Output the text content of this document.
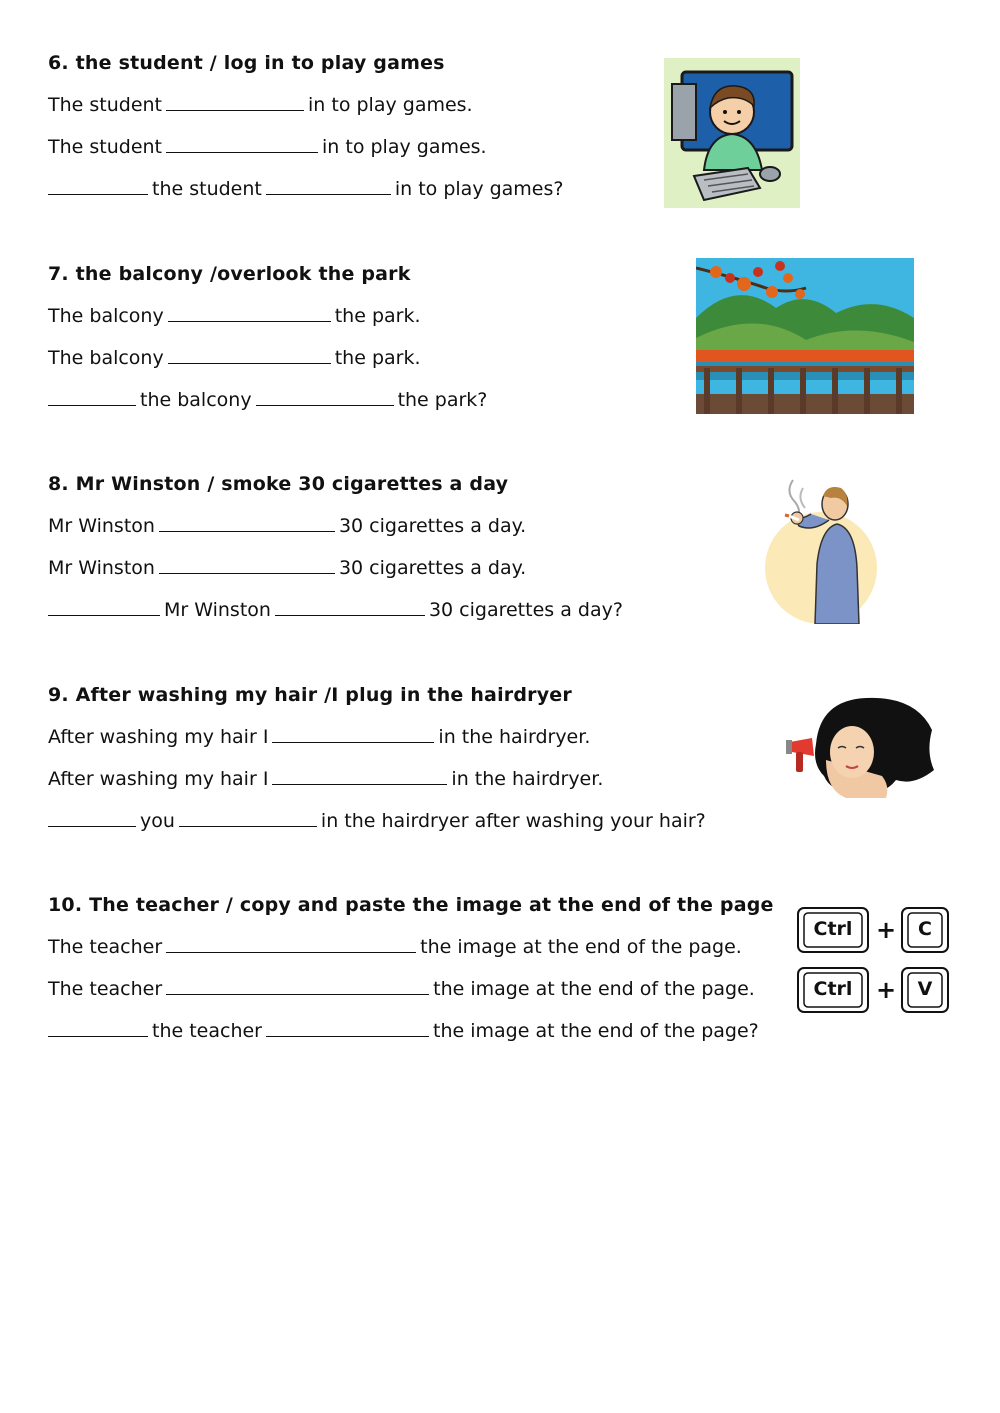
6. the student / log in to play games
The student	in to play games.
The student	in to play games.
the student	in to play games?
7. the balcony /overlook the park
The balcony	the park.
The balcony	the park.
the balcony	the park?
8. Mr Winston / smoke 30 cigarettes a day
Mr Winston	30 cigarettes a day.
Mr Winston	30 cigarettes a day.
Mr Winston	30 cigarettes a day?
9. After washing my hair /I plug in the hairdryer
After washing my hair I	in the hairdryer.
After washing my hair I	in the hairdryer.
you	in the hairdryer after washing your hair?
10. The teacher / copy and paste the image at the end of the page
The teacher	the image at the end of the page.
The teacher	the image at the end of the page.
the teacher	the image at the end of the page?
Ctrl + C
Ctrl + V
